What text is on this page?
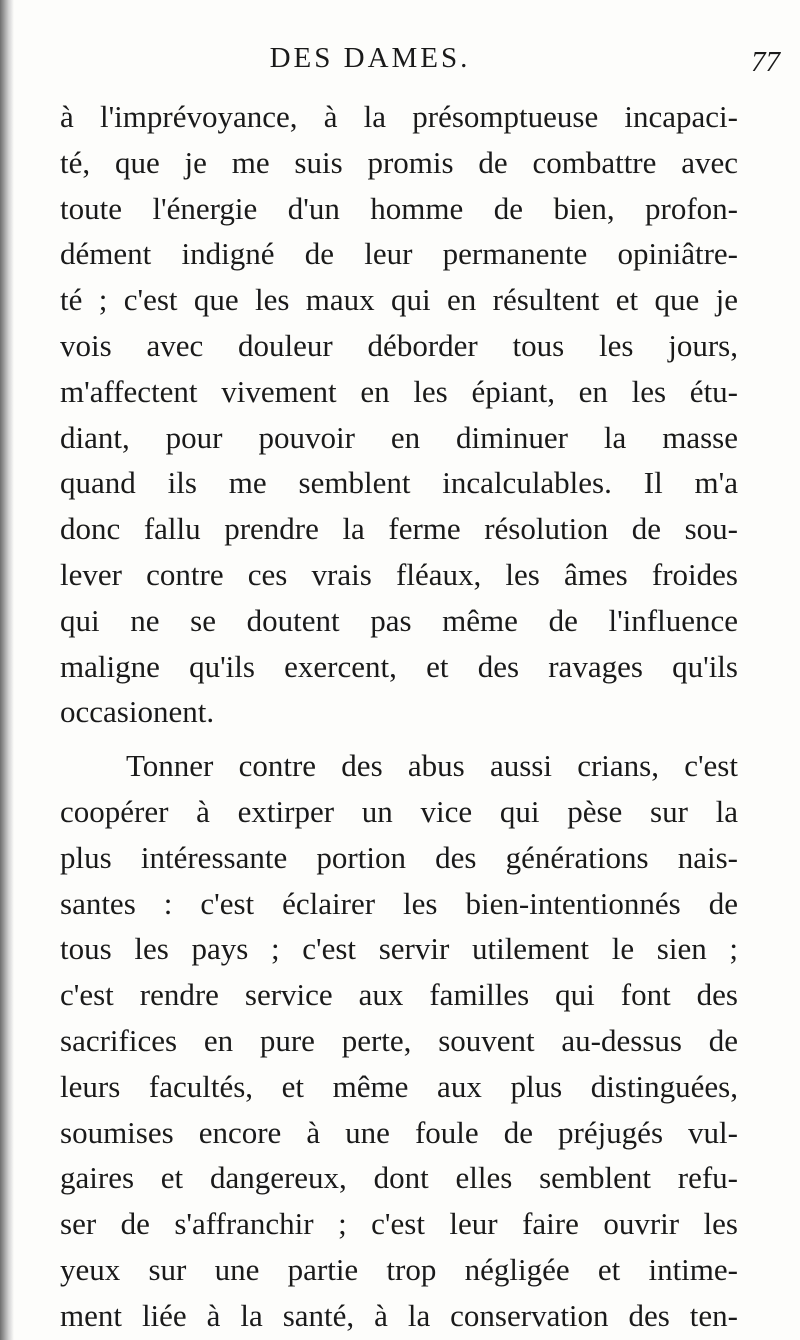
DES DAMES.	77
à l'imprévoyance, à la présomptueuse incapaci-
té, que je me suis promis de combattre avec
toute l'énergie d'un homme de bien, profon-
dément indigné de leur permanente opiniâtre-
té ; c'est que les maux qui en résultent et que je
vois avec douleur déborder tous les jours,
m'affectent vivement en les épiant, en les étu-
diant, pour pouvoir en diminuer la masse
quand ils me semblent incalculables. Il m'a
donc fallu prendre la ferme résolution de sou-
lever contre ces vrais fléaux, les âmes froides
qui ne se doutent pas même de l'influence
maligne qu'ils exercent, et des ravages qu'ils
occasionent.
Tonner contre des abus aussi crians, c'est
coopérer à extirper un vice qui pèse sur la
plus intéressante portion des générations nais-
santes : c'est éclairer les bien-intentionnés de
tous les pays ; c'est servir utilement le sien ;
c'est rendre service aux familles qui font des
sacrifices en pure perte, souvent au-dessus de
leurs facultés, et même aux plus distinguées,
soumises encore à une foule de préjugés vul-
gaires et dangereux, dont elles semblent refu-
ser de s'affranchir ; c'est leur faire ouvrir les
yeux sur une partie trop négligée et intime-
ment liée à la santé, à la conservation des ten-
